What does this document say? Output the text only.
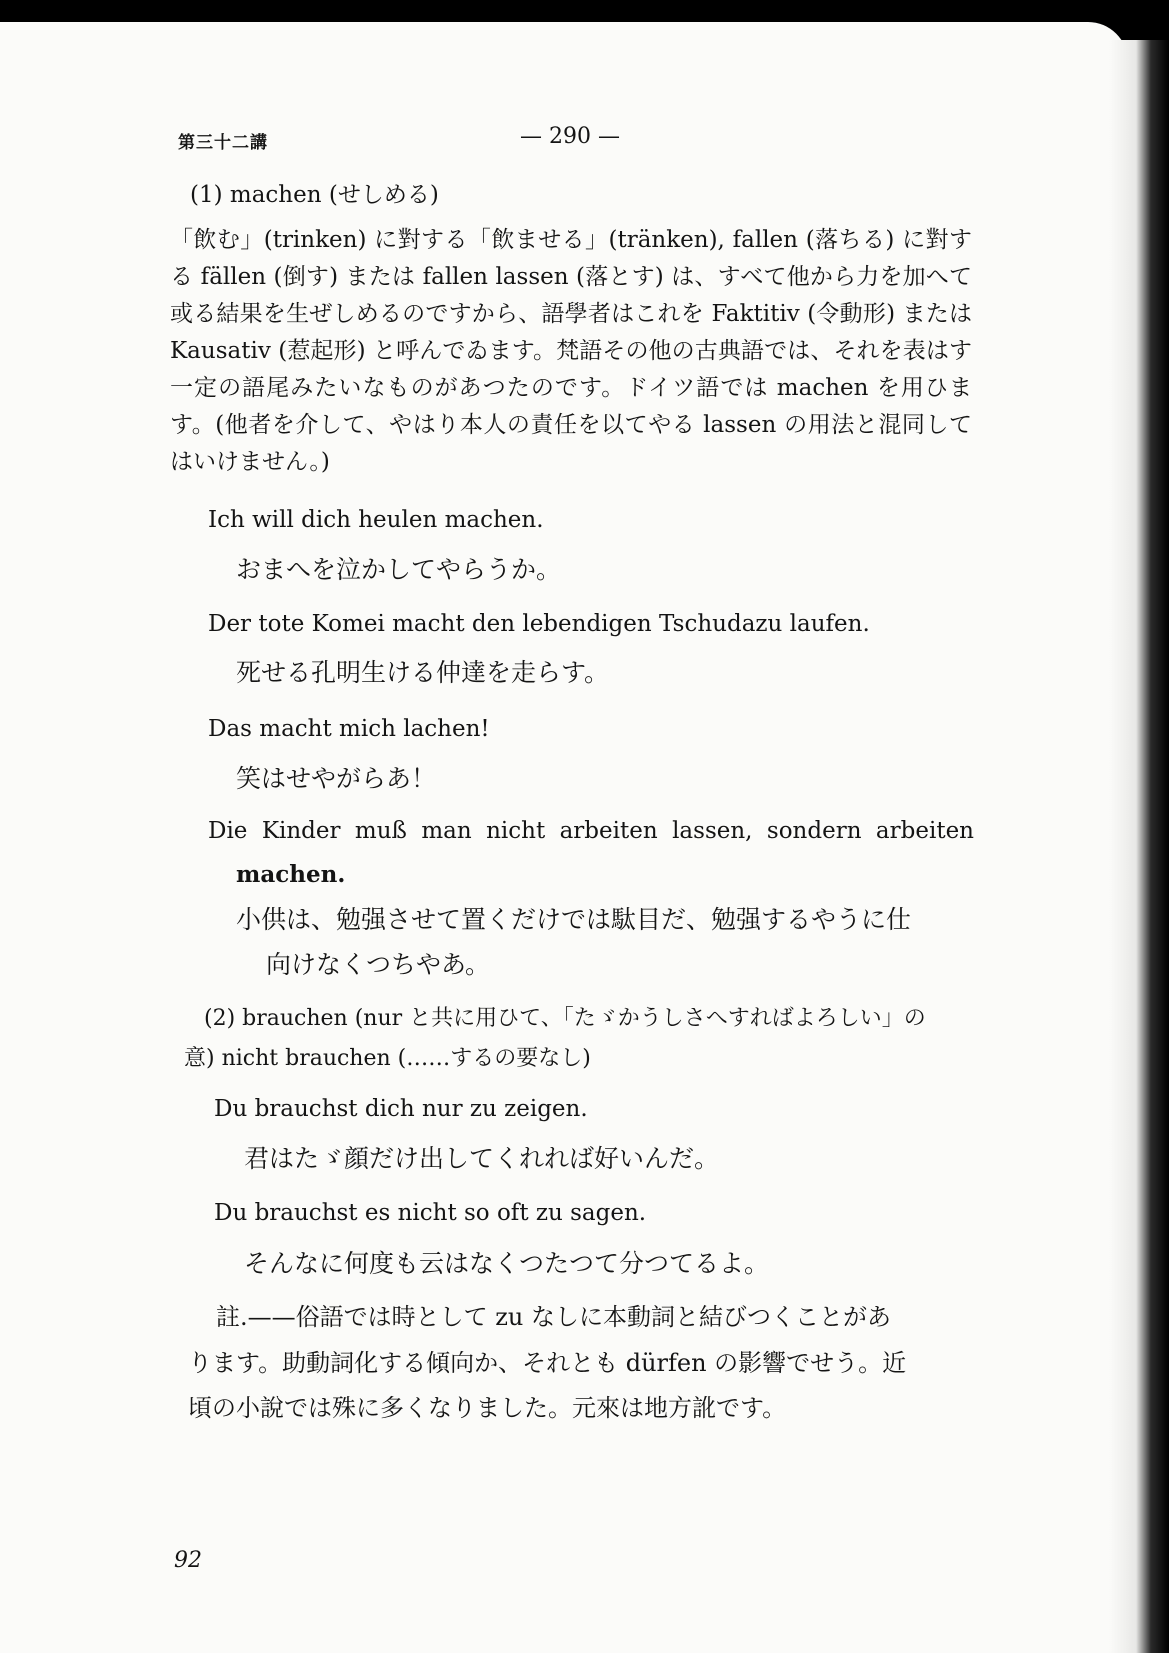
第三十二講	— 290 —
(1) machen (せしめる)
「飲む」(trinken) に對する「飲ませる」(tränken), fallen (落ちる) に對する fällen (倒す) または fallen lassen (落とす) は、すべて他から力を加へて或る結果を生ぜしめるのですから、語學者はこれを Faktitiv (令動形) または Kausativ (惹起形) と呼んでゐます。梵語その他の古典語では、それを表はす一定の語尾みたいなものがあつたのです。ドイツ語では machen を用ひます。(他者を介して、やはり本人の責任を以てやる lassen の用法と混同してはいけません。)
Ich will dich heulen machen.
おまへを泣かしてやらうか。
Der tote Komei macht den lebendigen Tschudazu laufen.
死せる孔明生ける仲達を走らす。
Das macht mich lachen!
笑はせやがらあ！
Die Kinder muß man nicht arbeiten lassen, sondern arbeiten
machen.
小供は、勉强させて置くだけでは駄目だ、勉强するやうに仕
向けなくつちやあ。
(2) brauchen (nur と共に用ひて、「たゞかうしさへすればよろしい」の
意) nicht brauchen (……するの要なし)
Du brauchst dich nur zu zeigen.
君はたゞ顔だけ出してくれれば好いんだ。
Du brauchst es nicht so oft zu sagen.
そんなに何度も云はなくつたつて分つてるよ。
註.——俗語では時として zu なしに本動詞と結びつくことがあ
ります。助動詞化する傾向か、それとも dürfen の影響でせう。近
頃の小說では殊に多くなりました。元來は地方訛です。
92
